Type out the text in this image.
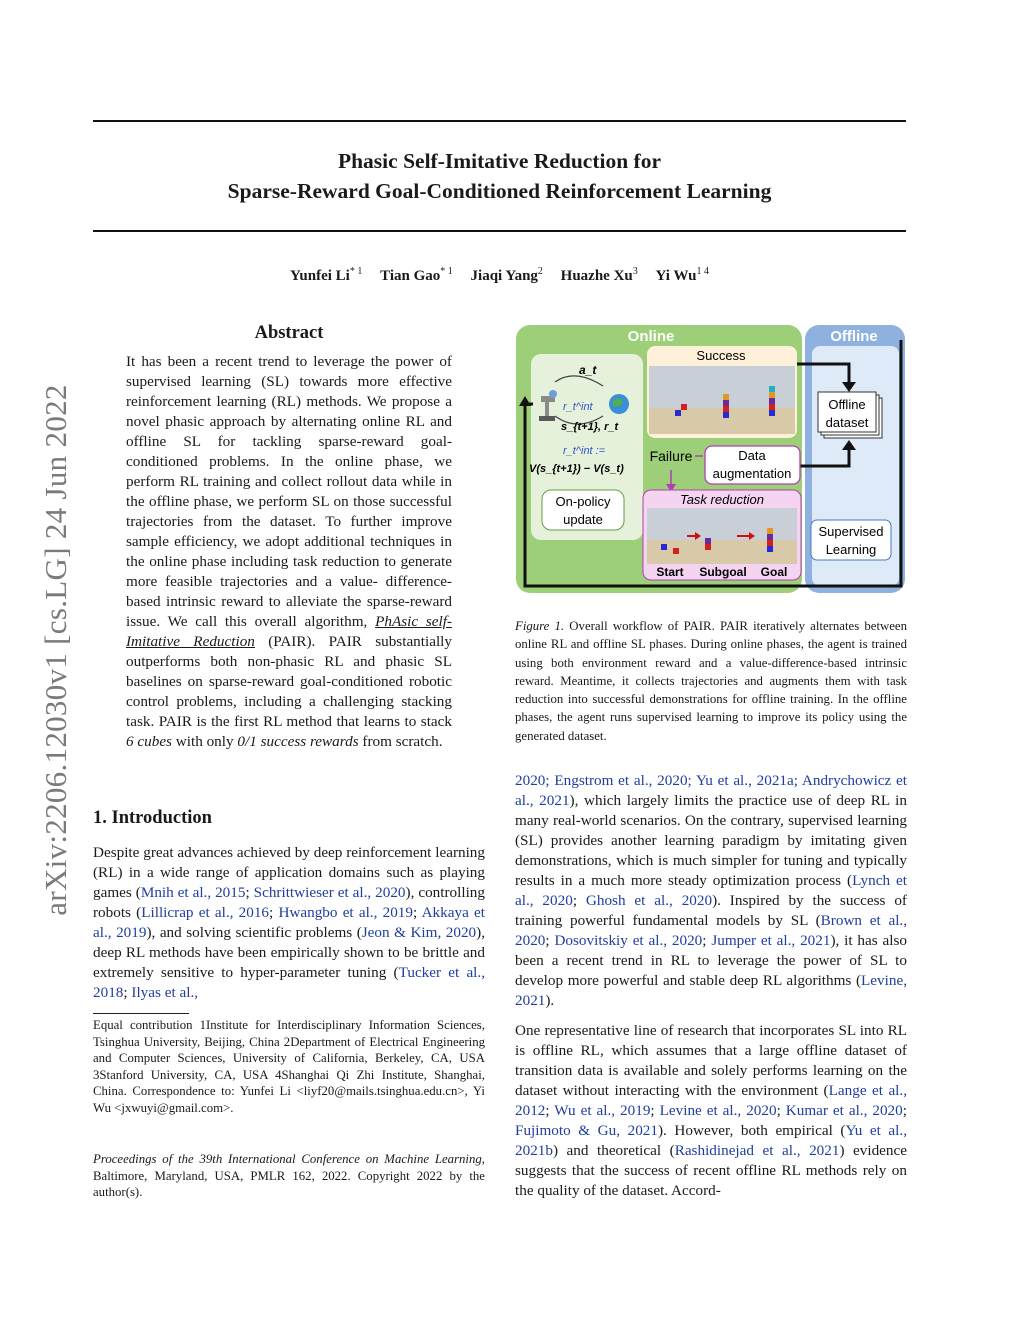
arXiv:2206.12030v1 [cs.LG] 24 Jun 2022
Phasic Self-Imitative Reduction for
Sparse-Reward Goal-Conditioned Reinforcement Learning
Yunfei Li$^{* 1}$ Tian Gao$^{* 1}$ Jiaqi Yang$^2$ Huazhe Xu$^3$ Yi $Wu^{1 4}$
Abstract
It has been a recent trend to leverage the power of supervised learning (SL) towards more effective reinforcement learning (RL) methods. We propose a novel phasic approach by alternating online RL and offline SL for tackling sparse-reward goal-conditioned problems. In the online phase, we perform RL training and collect rollout data while in the offline phase, we perform SL on those successful trajectories from the dataset. To further improve sample efficiency, we adopt additional techniques in the online phase including task reduction to generate more feasible trajectories and a value- difference-based intrinsic reward to alleviate the sparse-reward issue. We call this overall algorithm, PhAsic self-Imitative Reduction (PAIR). PAIR substantially outperforms both non-phasic RL and phasic SL baselines on sparse-reward goal-conditioned robotic control problems, including a challenging stacking task. PAIR is the first RL method that learns to stack 6 cubes with only 0/1 success rewards from scratch.
1. Introduction
Despite great advances achieved by deep reinforcement learning (RL) in a wide range of application domains such as playing games (Mnih et al., 2015; Schrittwieser et al., 2020), controlling robots (Lillicrap et al., 2016; Hwangbo et al., 2019; Akkaya et al., 2019), and solving scientific problems (Jeon & Kim, 2020), deep RL methods have been empirically shown to be brittle and extremely sensitive to hyper-parameter tuning (Tucker et al., 2018; Ilyas et al.,
Equal contribution 1Institute for Interdisciplinary Information Sciences, Tsinghua University, Beijing, China 2Department of Electrical Engineering and Computer Sciences, University of California, Berkeley, CA, USA 3Stanford University, CA, USA 4Shanghai Qi Zhi Institute, Shanghai, China. Correspondence to: Yunfei Li <liyf20@mails.tsinghua.edu.cn>, Yi Wu <jxwuyi@gmail.com>.
Proceedings of the 39th International Conference on Machine Learning, Baltimore, Maryland, USA, PMLR 162, 2022. Copyright 2022 by the author(s).
Online	Offline
a_t
r_t^int
s_{t+1}, r_t
r_t^int :=
V(s_{t+1}) − V(s_t)
On-policy
update
Success
Offline
dataset
Failure	Data
augmentation
Task reduction
Start Subgoal Goal
Supervised
Learning
Figure 1. Overall workflow of PAIR. PAIR iteratively alternates between online RL and offline SL phases. During online phases, the agent is trained using both environment reward and a value-difference-based intrinsic reward. Meantime, it collects trajectories and augments them with task reduction into successful demonstrations for offline training. In the offline phases, the agent runs supervised learning to improve its policy using the generated dataset.
2020; Engstrom et al., 2020; Yu et al., 2021a; Andrychowicz et al., 2021), which largely limits the practice use of deep RL in many real-world scenarios. On the contrary, supervised learning (SL) provides another learning paradigm by imitating given demonstrations, which is much simpler for tuning and typically results in a much more steady optimization process (Lynch et al., 2020; Ghosh et al., 2020). Inspired by the success of training powerful fundamental models by SL (Brown et al., 2020; Dosovitskiy et al., 2020; Jumper et al., 2021), it has also been a recent trend in RL to leverage the power of SL to develop more powerful and stable deep RL algorithms (Levine, 2021).
One representative line of research that incorporates SL into RL is offline RL, which assumes that a large offline dataset of transition data is available and solely performs learning on the dataset without interacting with the environment (Lange et al., 2012; Wu et al., 2019; Levine et al., 2020; Kumar et al., 2020; Fujimoto & Gu, 2021). However, both empirical (Yu et al., 2021b) and theoretical (Rashidinejad et al., 2021) evidence suggests that the success of recent offline RL methods rely on the quality of the dataset. Accord-
